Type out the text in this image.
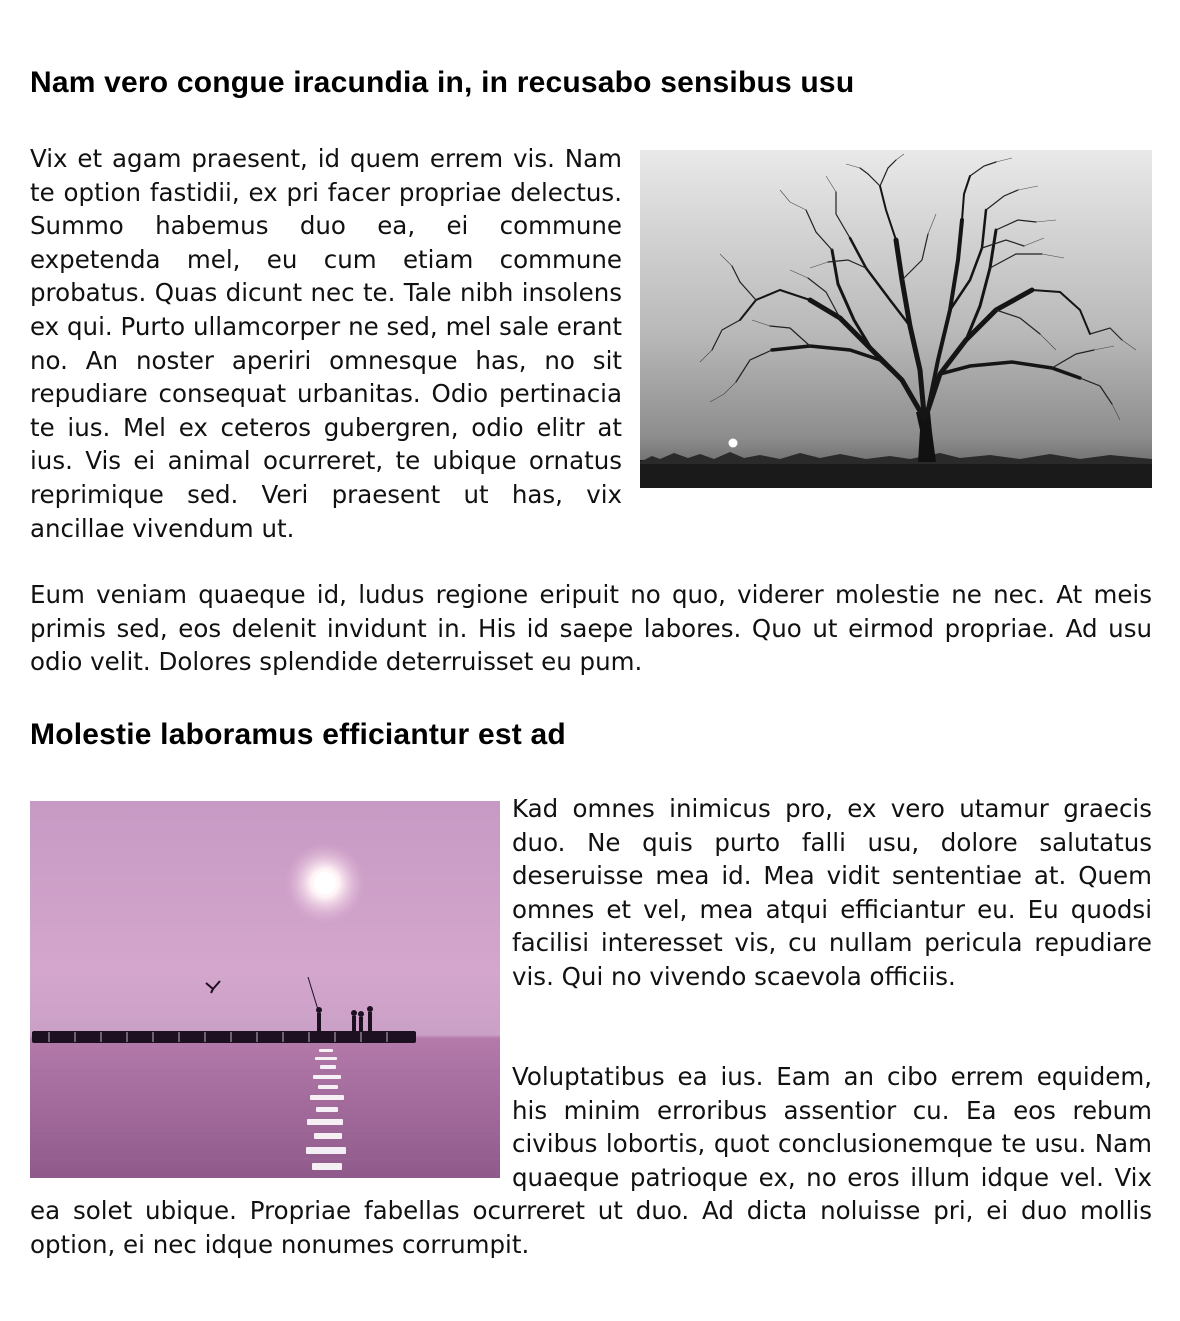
Nam vero congue iracundia in, in recusabo sensibus usu

Vix et agam praesent, id quem errem vis. Nam te option fastidii, ex pri facer propriae delectus. Summo habemus duo ea, ei commune expetenda mel, eu cum etiam commune probatus. Quas dicunt nec te. Tale nibh insolens ex qui. Purto ullamcorper ne sed, mel sale erant no. An noster aperiri omnesque has, no sit repudiare consequat urbanitas. Odio pertinacia te ius. Mel ex ceteros gubergren, odio elitr at ius. Vis ei animal ocurreret, te ubique ornatus reprimique sed. Veri praesent ut has, vix ancillae vivendum ut.

Eum veniam quaeque id, ludus regione eripuit no quo, viderer molestie ne nec. At meis primis sed, eos delenit invidunt in. His id saepe labores. Quo ut eirmod propriae. Ad usu odio velit. Dolores splendide deterruisset eu pum.

Molestie laboramus efficiantur est ad

Kad omnes inimicus pro, ex vero utamur graecis duo. Ne quis purto falli usu, dolore salutatus deseruisse mea id. Mea vidit sententiae at. Quem omnes et vel, mea atqui efficiantur eu. Eu quodsi facilisi interesset vis, cu nullam pericula repudiare vis. Qui no vivendo scaevola officiis.

Voluptatibus ea ius. Eam an cibo errem equidem, his minim erroribus assentior cu. Ea eos rebum civibus lobortis, quot conclusionemque te usu. Nam quaeque patrioque ex, no eros illum idque vel. Vix ea solet ubique. Propriae fabellas ocurreret ut duo. Ad dicta noluisse pri, ei duo mollis option, ei nec idque nonumes corrumpit.
